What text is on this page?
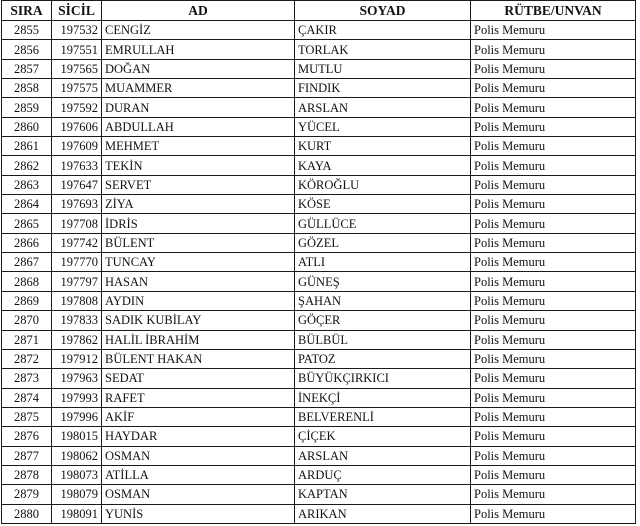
SIRA	SİCİL	AD	SOYAD	RÜTBE/UNVAN
2855	197532	CENGİZ	ÇAKIR	Polis Memuru
2856	197551	EMRULLAH	TORLAK	Polis Memuru
2857	197565	DOĞAN	MUTLU	Polis Memuru
2858	197575	MUAMMER	FINDIK	Polis Memuru
2859	197592	DURAN	ARSLAN	Polis Memuru
2860	197606	ABDULLAH	YÜCEL	Polis Memuru
2861	197609	MEHMET	KURT	Polis Memuru
2862	197633	TEKİN	KAYA	Polis Memuru
2863	197647	SERVET	KÖROĞLU	Polis Memuru
2864	197693	ZİYA	KÖSE	Polis Memuru
2865	197708	İDRİS	GÜLLÜCE	Polis Memuru
2866	197742	BÜLENT	GÖZEL	Polis Memuru
2867	197770	TUNCAY	ATLI	Polis Memuru
2868	197797	HASAN	GÜNEŞ	Polis Memuru
2869	197808	AYDIN	ŞAHAN	Polis Memuru
2870	197833	SADIK KUBİLAY	GÖÇER	Polis Memuru
2871	197862	HALİL İBRAHİM	BÜLBÜL	Polis Memuru
2872	197912	BÜLENT HAKAN	PATOZ	Polis Memuru
2873	197963	SEDAT	BÜYÜKÇIRKICI	Polis Memuru
2874	197993	RAFET	İNEKÇİ	Polis Memuru
2875	197996	AKİF	BELVERENLİ	Polis Memuru
2876	198015	HAYDAR	ÇİÇEK	Polis Memuru
2877	198062	OSMAN	ARSLAN	Polis Memuru
2878	198073	ATİLLA	ARDUÇ	Polis Memuru
2879	198079	OSMAN	KAPTAN	Polis Memuru
2880	198091	YUNİS	ARIKAN	Polis Memuru
